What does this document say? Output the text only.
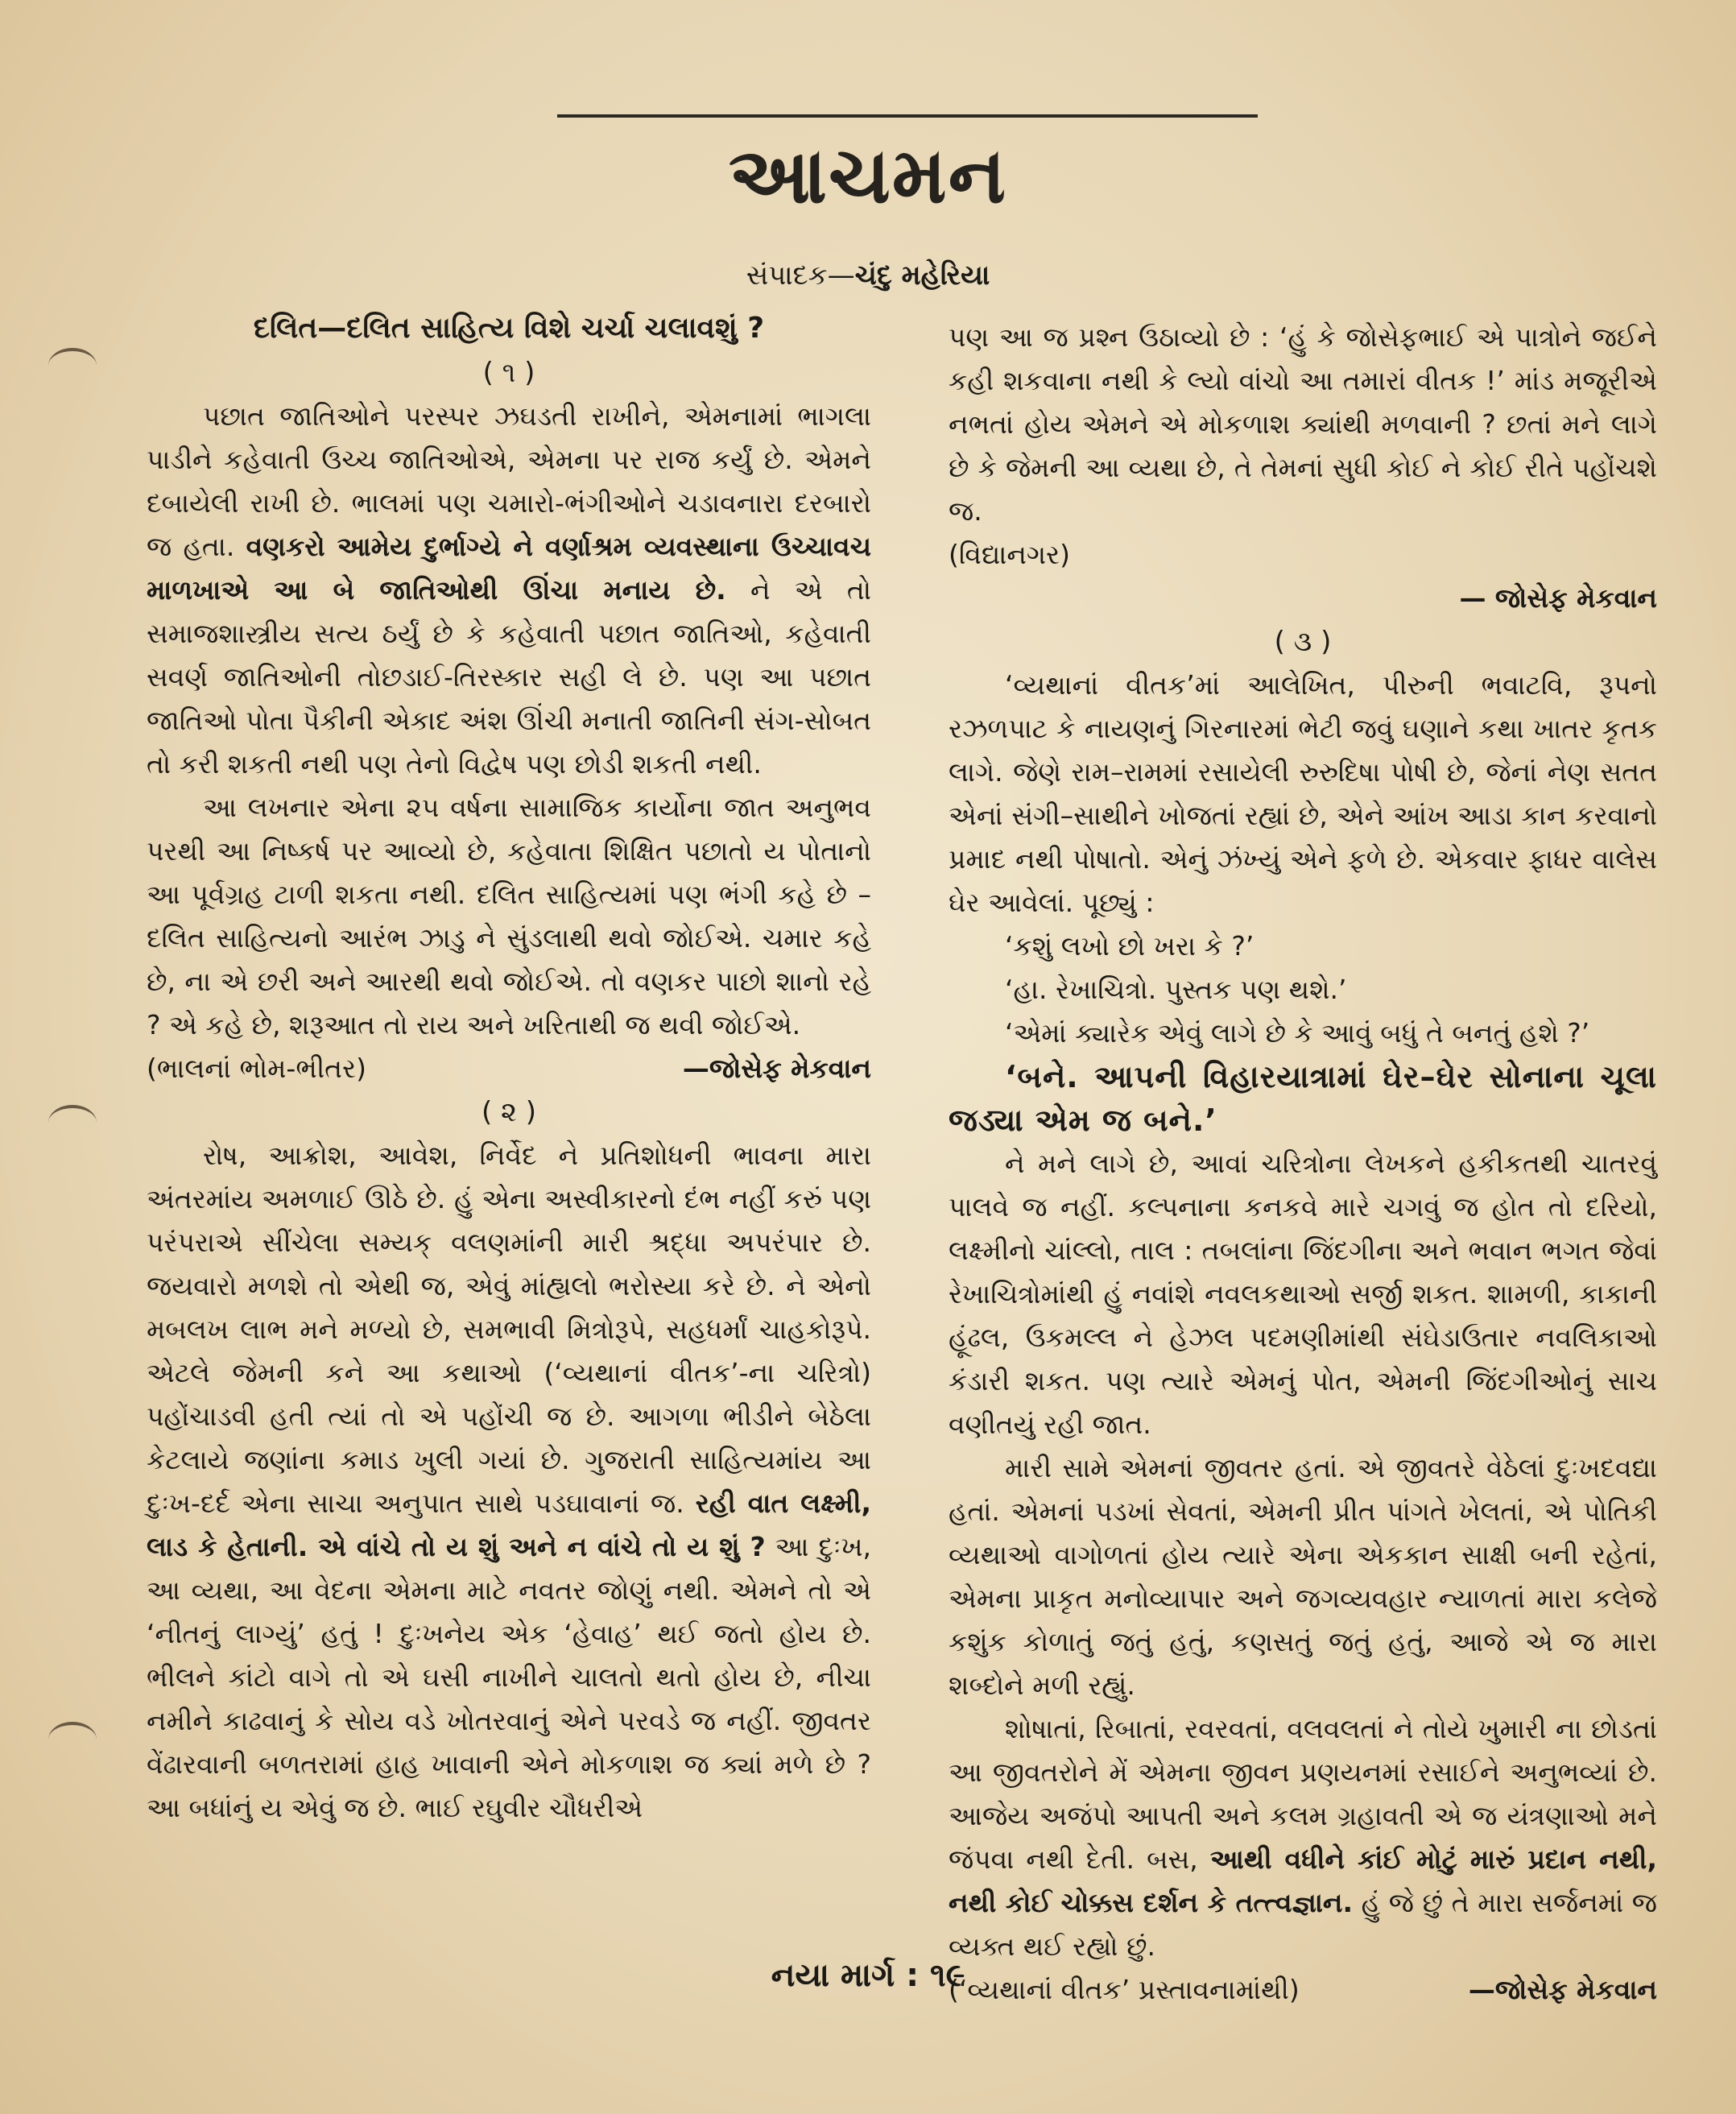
આચમન
સંપાદક—ચંદુ મહેરિયા

દલિત—દલિત સાહિત્ય વિશે ચર્ચા ચલાવશું ?

( ૧ )

પછાત જાતિઓને પરસ્પર ઝઘડતી રાખીને, એમનામાં ભાગલા પાડીને કહેવાતી ઉચ્ચ જાતિઓએ, એમના પર રાજ કર્યું છે. એમને દબાયેલી રાખી છે. ભાલમાં પણ ચમારો-ભંગીઓને ચડાવનારા દરબારો જ હતા. વણકરો આમેય દુર્ભાગ્યે ને વર્ણાશ્રમ વ્યવસ્થાના ઉચ્ચાવચ માળખાએ આ બે જાતિઓથી ઊંચા મનાય છે. ને એ તો સમાજશાસ્ત્રીય સત્ય ઠર્યું છે કે કહેવાતી પછાત જાતિઓ, કહેવાતી સવર્ણ જાતિઓની તોછડાઈ-તિરસ્કાર સહી લે છે. પણ આ પછાત જાતિઓ પોતા પૈકીની એકાદ અંશ ઊંચી મનાતી જાતિની સંગ-સોબત તો કરી શકતી નથી પણ તેનો વિદ્વેષ પણ છોડી શકતી નથી.

આ લખનાર એના ૨૫ વર્ષના સામાજિક કાર્યોના જાત અનુભવ પરથી આ નિષ્કર્ષ પર આવ્યો છે, કહેવાતા શિક્ષિત પછાતો ય પોતાનો આ પૂર્વગ્રહ ટાળી શકતા નથી. દલિત સાહિત્યમાં પણ ભંગી કહે છે – દલિત સાહિત્યનો આરંભ ઝાડુ ને સુંડલાથી થવો જોઈએ. ચમાર કહે છે, ના એ છરી અને આરથી થવો જોઈએ. તો વણકર પાછો શાનો રહે ? એ કહે છે, શરૂઆત તો રાય અને ખરિતાથી જ થવી જોઈએ.

(ભાલનાં ભોમ-ભીતર)	—જોસેફ મેકવાન

( ૨ )

રોષ, આક્રોશ, આવેશ, નિર્વેદ ને પ્રતિશોધની ભાવના મારા અંતરમાંય અમળાઈ ઊઠે છે. હું એના અસ્વીકારનો દંભ નહીં કરું પણ પરંપરાએ સીંચેલા સમ્યક્ વલણમાંની મારી શ્રદ્ધા અપરંપાર છે. જયવારો મળશે તો એથી જ, એવું માંહ્યલો ભરોસ્યા કરે છે. ને એનો મબલખ લાભ મને મળ્યો છે, સમભાવી મિત્રોરૂપે, સહધર્માં ચાહકોરૂપે. એટલે જેમની કને આ કથાઓ (‘વ્યથાનાં વીતક’-ના ચરિત્રો) પહોંચાડવી હતી ત્યાં તો એ પહોંચી જ છે. આગળા ભીડીને બેઠેલા કેટલાયે જણાંના કમાડ ખુલી ગયાં છે. ગુજરાતી સાહિત્યમાંય આ દુઃખ-દર્દ એના સાચા અનુપાત સાથે પડઘાવાનાં જ. રહી વાત લક્ષ્મી, લાડ કે હેતાની. એ વાંચે તો ય શું અને ન વાંચે તો ય શું ? આ દુઃખ, આ વ્યથા, આ વેદના એમના માટે નવતર જોણું નથી. એમને તો એ ‘નીતનું લાગ્યું’ હતું ! દુઃખનેય એક ‘હેવાહ’ થઈ જતો હોય છે. ભીલને કાંટો વાગે તો એ ઘસી નાખીને ચાલતો થતો હોય છે, નીચા નમીને કાઢવાનું કે સોય વડે ખોતરવાનું એને પરવડે જ નહીં. જીવતર વેંઢારવાની બળતરામાં હાહ ખાવાની એને મોકળાશ જ ક્યાં મળે છે ? આ બધાંનું ય એવું જ છે. ભાઈ રઘુવીર ચૌધરીએ

પણ આ જ પ્રશ્ન ઉઠાવ્યો છે : ‘હું કે જોસેફભાઈ એ પાત્રોને જઈને કહી શકવાના નથી કે લ્યો વાંચો આ તમારાં વીતક !’ માંડ મજૂરીએ નભતાં હોય એમને એ મોકળાશ ક્યાંથી મળવાની ? છતાં મને લાગે છે કે જેમની આ વ્યથા છે, તે તેમનાં સુધી કોઈ ને કોઈ રીતે પહોંચશે જ.

(વિદ્યાનગર)

— જોસેફ મેકવાન

( ૩ )

‘વ્યથાનાં વીતક’માં આલેખિત, પીરુની ભવાટવિ, રૂપનો રઝળપાટ કે નાયણનું ગિરનારમાં ભેટી જવું ઘણાને કથા ખાતર કૃતક લાગે. જેણે રામ–રામમાં રસાયેલી રુરુદિષા પોષી છે, જેનાં નેણ સતત એનાં સંગી–સાથીને ખોજતાં રહ્યાં છે, એને આંખ આડા કાન કરવાનો પ્રમાદ નથી પોષાતો. એનું ઝંખ્યું એને ફળે છે. એકવાર ફાધર વાલેસ ઘેર આવેલાં. પૂછ્યું :

‘કશું લખો છો ખરા કે ?’

‘હા. રેખાચિત્રો. પુસ્તક પણ થશે.’

‘એમાં ક્યારેક એવું લાગે છે કે આવું બધું તે બનતું હશે ?’

‘બને. આપની વિહારયાત્રામાં ઘેર–ઘેર સોનાના ચૂલા જડ્યા એમ જ બને.’

ને મને લાગે છે, આવાં ચરિત્રોના લેખકને હકીકતથી ચાતરવું પાલવે જ નહીં. કલ્પનાના કનકવે મારે ચગવું જ હોત તો દરિયો, લક્ષ્મીનો ચાંલ્લો, તાલ : તબલાંના જિંદગીના અને ભવાન ભગત જેવાં રેખાચિત્રોમાંથી હું નવાંશે નવલકથાઓ સર્જી શકત. શામળી, કાકાની હૂંઢલ, ઉકમલ્લ ને હેઝલ પદમણીમાંથી સંઘેડાઉતાર નવલિકાઓ કંડારી શકત. પણ ત્યારે એમનું પોત, એમની જિંદગીઓનું સાચ વણીતયું રહી જાત.

મારી સામે એમનાં જીવતર હતાં. એ જીવતરે વેઠેલાં દુઃખદવદ્યા હતાં. એમનાં પડખાં સેવતાં, એમની પ્રીત પાંગતે ખેલતાં, એ પોતિકી વ્યથાઓ વાગોળતાં હોય ત્યારે એના એકકાન સાક્ષી બની રહેતાં, એમના પ્રાકૃત મનોવ્યાપાર અને જગવ્યવહાર ન્યાળતાં મારા કલેજે કશુંક કોળાતું જતું હતું, કણસતું જતું હતું, આજે એ જ મારા શબ્દોને મળી રહ્યું.

શોષાતાં, રિબાતાં, રવરવતાં, વલવલતાં ને તોયે ખુમારી ના છોડતાં આ જીવતરોને મેં એમના જીવન પ્રણયનમાં રસાઈને અનુભવ્યાં છે. આજેય અજંપો આપતી અને કલમ ગ્રહાવતી એ જ યંત્રણાઓ મને જંપવા નથી દેતી. બસ, આથી વધીને કાંઈ મોટું મારું પ્રદાન નથી, નથી કોઈ ચોક્કસ દર્શન કે તત્ત્વજ્ઞાન. હું જે છું તે મારા સર્જનમાં જ વ્યક્ત થઈ રહ્યો છું.

(‘વ્યથાનાં વીતક’ પ્રસ્તાવનામાંથી)	—જોસેફ મેકવાન
નયા માર્ગ : ૧૯
